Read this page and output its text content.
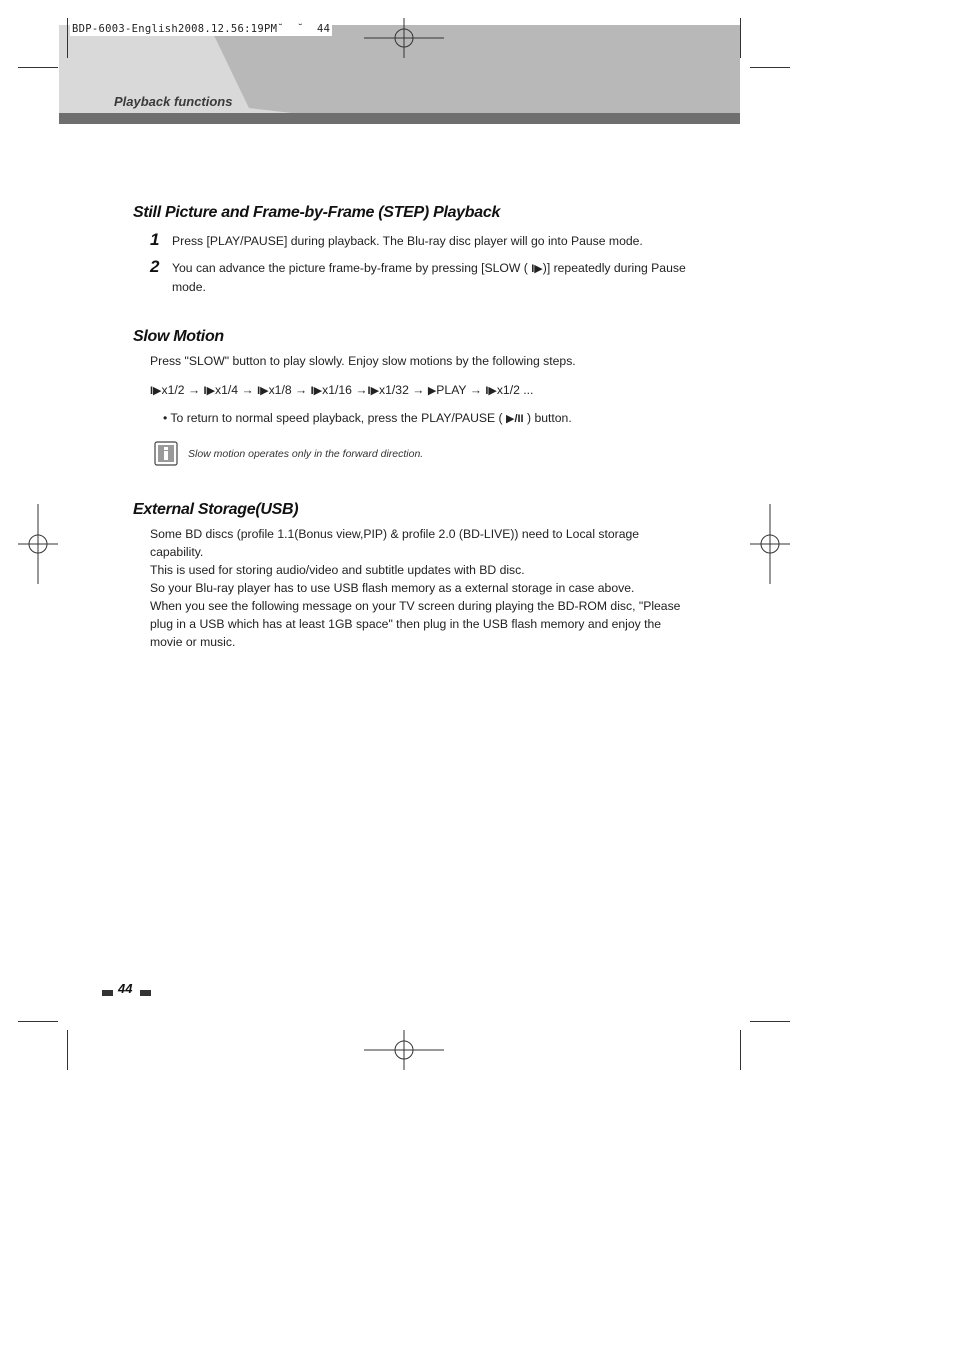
BDP-6003-English2008.12.56:19PM˘  ˘  44
Playback functions
Still Picture and Frame-by-Frame (STEP) Playback
1 Press [PLAY/PAUSE] during playback. The Blu-ray disc player will go into Pause mode.
2 You can advance the picture frame-by-frame by pressing [SLOW ( I▶)] repeatedly during Pause
mode.
Slow Motion
Press "SLOW" button to play slowly. Enjoy slow motions by the following steps.
I▶x1/2 → I▶x1/4 → I▶x1/8 → I▶x1/16 →I▶x1/32 → ▶PLAY → I▶x1/2 ...
• To return to normal speed playback, press the PLAY/PAUSE ( ▶/II ) button.
Slow motion operates only in the forward direction.
External Storage(USB)
Some BD discs (profile 1.1(Bonus view,PIP) & profile 2.0 (BD-LIVE)) need to Local storage
capability.
This is used for storing audio/video and subtitle updates with BD disc.
So your Blu-ray player has to use USB flash memory as a external storage in case above.
When you see the following message on your TV screen during playing the BD-ROM disc, "Please
plug in a USB which has at least 1GB space" then plug in the USB flash memory and enjoy the
movie or music.
44
